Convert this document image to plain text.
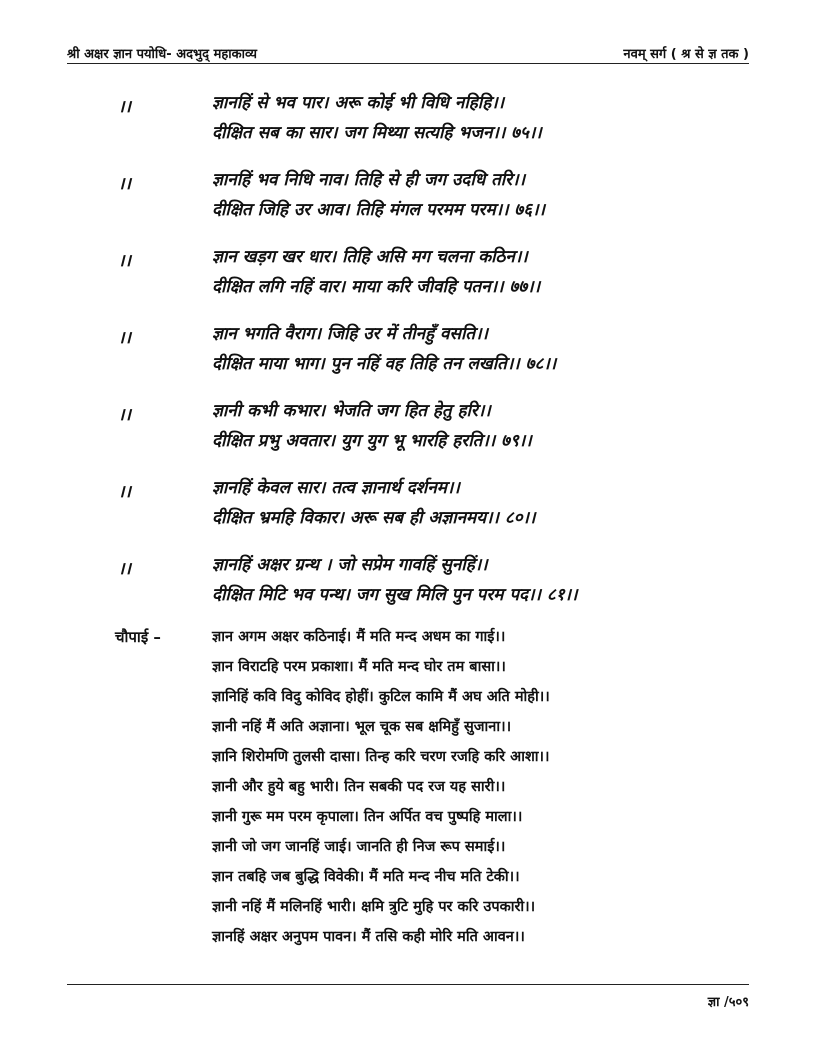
श्री अक्षर ज्ञान पयोधि- अदभुद् महाकाव्य	नवम् सर्ग ( श्र से ज्ञ तक )
।।	ज्ञानहिं से भव पार। अरू कोई भी विधि नहिहि।।
दीक्षित सब का सार। जग मिथ्या सत्यहि भजन।। ७५।।
।।	ज्ञानहिं भव निधि नाव। तिहि से ही जग उदधि तरि।।
दीक्षित जिहि उर आव। तिहि मंगल परमम परम।। ७६।।
।।	ज्ञान खड़ग खर धार। तिहि असि मग चलना कठिन।।
दीक्षित लगि नहिं वार। माया करि जीवहि पतन।। ७७।।
।।	ज्ञान भगति वैराग। जिहि उर में तीनहुँ वसति।।
दीक्षित माया भाग। पुन नहिं वह तिहि तन लखति।। ७८।।
।।	ज्ञानी कभी कभार। भेजति जग हित हेतु हरि।।
दीक्षित प्रभु अवतार। युग युग भू भारहि हरति।। ७९।।
।।	ज्ञानहिं केवल सार। तत्व ज्ञानार्थ दर्शनम।।
दीक्षित भ्रमहि विकार। अरू सब ही अज्ञानमय।। ८०।।
।।	ज्ञानहिं अक्षर ग्रन्थ । जो सप्रेम गावहिं सुनहिं।।
दीक्षित मिटि भव पन्थ। जग सुख मिलि पुन परम पद।। ८१।।
चौपाई –	ज्ञान अगम अक्षर कठिनाई। मैं मति मन्द अधम का गाई।।
ज्ञान विराटहि परम प्रकाशा। मैं मति मन्द घोर तम बासा।।
ज्ञानिहिं कवि विदु कोविद होहीं। कुटिल कामि मैं अघ अति मोही।।
ज्ञानी नहिं मैं अति अज्ञाना। भूल चूक सब क्षमिहुँ सुजाना।।
ज्ञानि शिरोमणि तुलसी दासा। तिन्ह करि चरण रजहि करि आशा।।
ज्ञानी और हुये बहु भारी। तिन सबकी पद रज यह सारी।।
ज्ञानी गुरू मम परम कृपाला। तिन अर्पित वच पुष्पहि माला।।
ज्ञानी जो जग जानहिं जाई। जानति ही निज रूप समाई।।
ज्ञान तबहि जब बुद्धि विवेकी। मैं मति मन्द नीच मति टेकी।।
ज्ञानी नहिं मैं मलिनहिं भारी। क्षमि त्रुटि मुहि पर करि उपकारी।।
ज्ञानहिं अक्षर अनुपम पावन। मैं तसि कही मोरि मति आवन।।
ज्ञा /५०९
